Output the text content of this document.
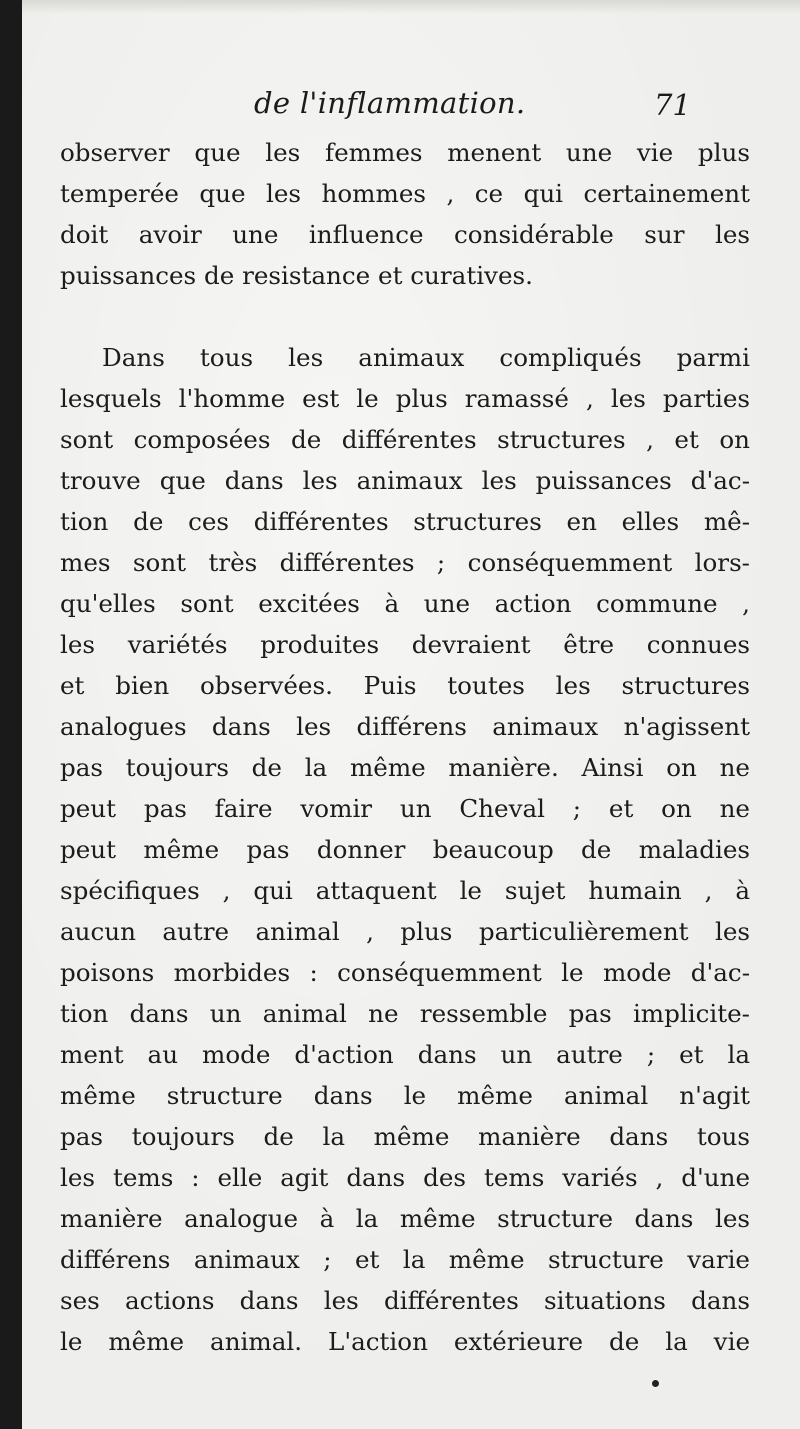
de l'inflammation.	71
observer que les femmes menent une vie plus
temperée que les hommes , ce qui certainement
doit avoir une influence considérable sur les
puissances de resistance et curatives.
Dans tous les animaux compliqués parmi
lesquels l'homme est le plus ramassé , les parties
sont composées de différentes structures , et on
trouve que dans les animaux les puissances d'ac-
tion de ces différentes structures en elles mê-
mes sont très différentes ; conséquemment lors-
qu'elles sont excitées à une action commune ,
les variétés produites devraient être connues
et bien observées. Puis toutes les structures
analogues dans les différens animaux n'agissent
pas toujours de la même manière. Ainsi on ne
peut pas faire vomir un Cheval ; et on ne
peut même pas donner beaucoup de maladies
spécifiques , qui attaquent le sujet humain , à
aucun autre animal , plus particulièrement les
poisons morbides : conséquemment le mode d'ac-
tion dans un animal ne ressemble pas implicite-
ment au mode d'action dans un autre ; et la
même structure dans le même animal n'agit
pas toujours de la même manière dans tous
les tems : elle agit dans des tems variés , d'une
manière analogue à la même structure dans les
différens animaux ; et la même structure varie
ses actions dans les différentes situations dans
le même animal. L'action extérieure de la vie
